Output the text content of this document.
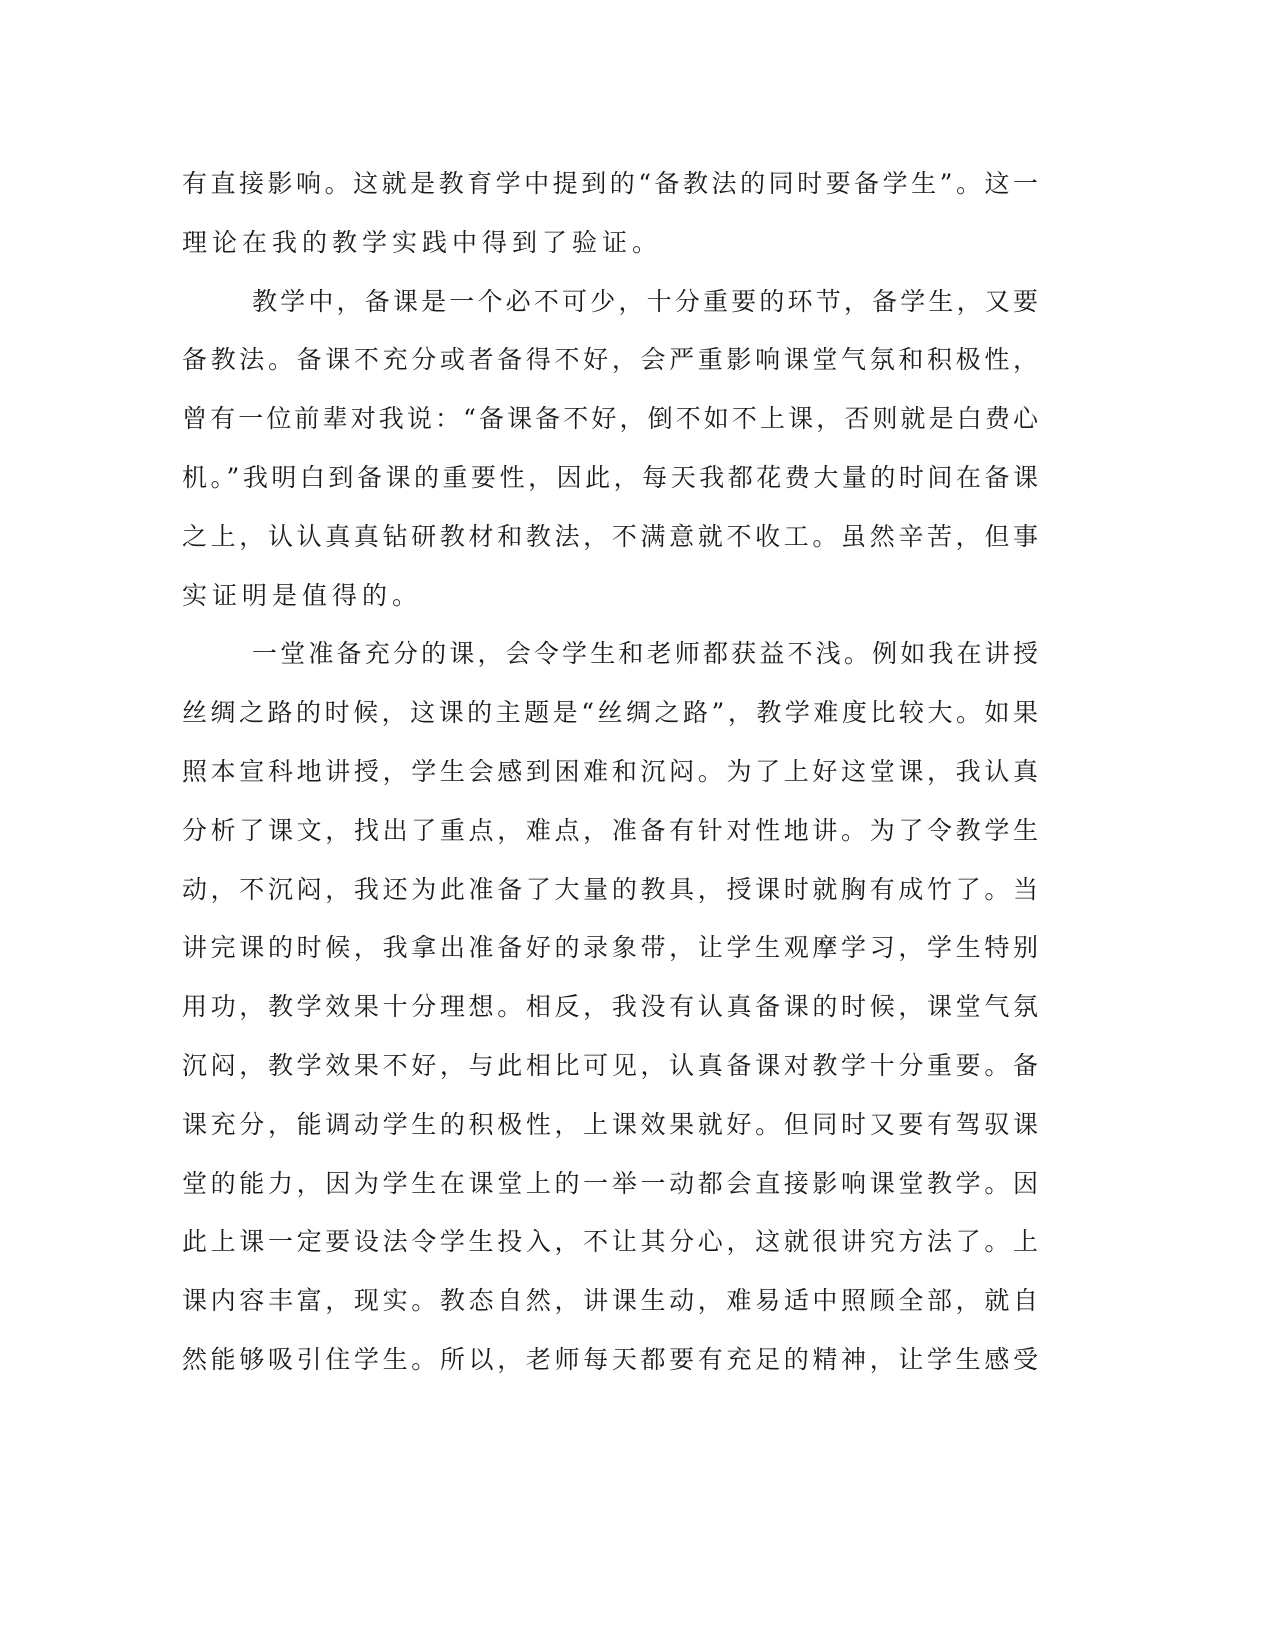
有直接影响。这就是教育学中提到的“备教法的同时要备学生”。这一
理论在我的教学实践中得到了验证。
教学中，备课是一个必不可少，十分重要的环节，备学生，又要
备教法。备课不充分或者备得不好，会严重影响课堂气氛和积极性，
曾有一位前辈对我说：“备课备不好，倒不如不上课，否则就是白费心
机。”我明白到备课的重要性，因此，每天我都花费大量的时间在备课
之上，认认真真钻研教材和教法，不满意就不收工。虽然辛苦，但事
实证明是值得的。
一堂准备充分的课，会令学生和老师都获益不浅。例如我在讲授
丝绸之路的时候，这课的主题是“丝绸之路”，教学难度比较大。如果
照本宣科地讲授，学生会感到困难和沉闷。为了上好这堂课，我认真
分析了课文，找出了重点，难点，准备有针对性地讲。为了令教学生
动，不沉闷，我还为此准备了大量的教具，授课时就胸有成竹了。当
讲完课的时候，我拿出准备好的录象带，让学生观摩学习，学生特别
用功，教学效果十分理想。相反，我没有认真备课的时候，课堂气氛
沉闷，教学效果不好，与此相比可见，认真备课对教学十分重要。备
课充分，能调动学生的积极性，上课效果就好。但同时又要有驾驭课
堂的能力，因为学生在课堂上的一举一动都会直接影响课堂教学。因
此上课一定要设法令学生投入，不让其分心，这就很讲究方法了。上
课内容丰富，现实。教态自然，讲课生动，难易适中照顾全部，就自
然能够吸引住学生。所以，老师每天都要有充足的精神，让学生感受
